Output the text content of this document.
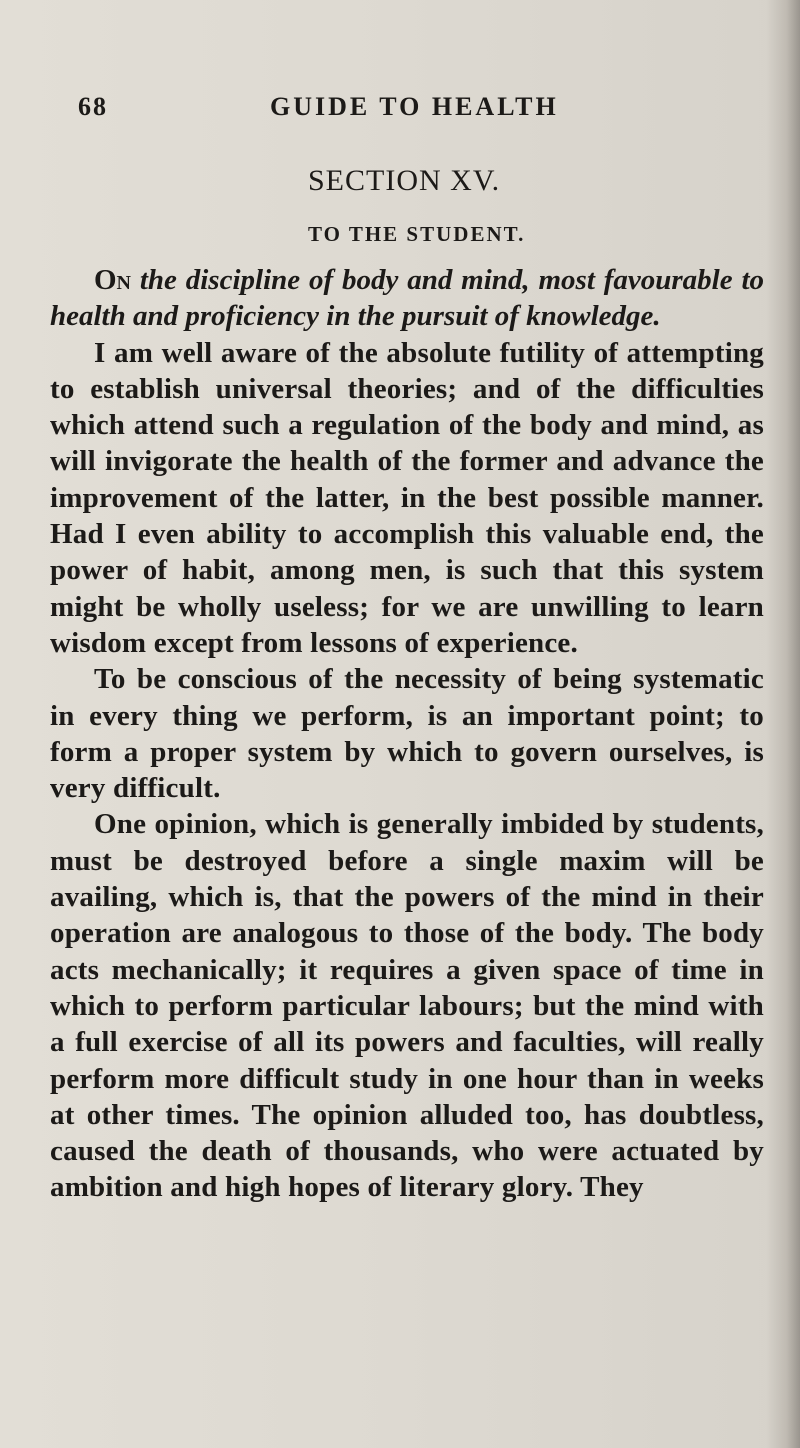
68	GUIDE TO HEALTH
SECTION XV.
TO THE STUDENT.

On the discipline of body and mind, most favourable to health and proficiency in the pursuit of knowledge.

I am well aware of the absolute futility of attempting to establish universal theories; and of the difficulties which attend such a regulation of the body and mind, as will invigorate the health of the former and advance the improvement of the latter, in the best possible manner. Had I even ability to accomplish this valuable end, the power of habit, among men, is such that this system might be wholly useless; for we are unwilling to learn wisdom except from lessons of experience.

To be conscious of the necessity of being systematic in every thing we perform, is an important point; to form a proper system by which to govern ourselves, is very difficult.

One opinion, which is generally imbided by students, must be destroyed before a single maxim will be availing, which is, that the powers of the mind in their operation are analogous to those of the body. The body acts mechanically; it requires a given space of time in which to perform particular labours; but the mind with a full exercise of all its powers and faculties, will really perform more difficult study in one hour than in weeks at other times. The opinion alluded too, has doubtless, caused the death of thousands, who were actuated by ambition and high hopes of literary glory. They
